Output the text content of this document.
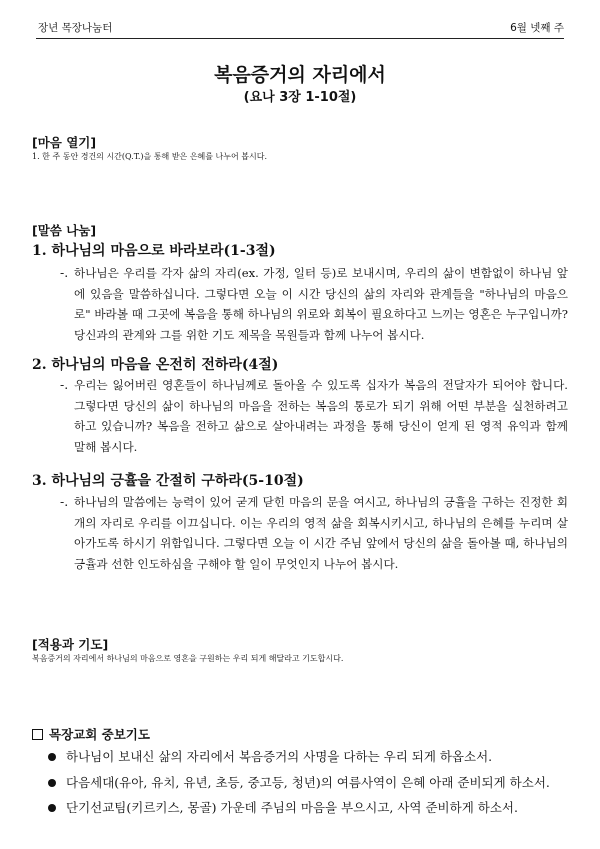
장년 목장나눔터	6월 넷째 주
복음증거의 자리에서
(요나 3장 1-10절)
[마음 열기]
1. 한 주 동안 경건의 시간(Q.T.)을 통해 받은 은혜를 나누어 봅시다.
[말씀 나눔]
1. 하나님의 마음으로 바라보라(1-3절)
-. 하나님은 우리를 각자 삶의 자리(ex. 가정, 일터 등)로 보내시며, 우리의 삶이 변함없이 하나님 앞에 있음을 말씀하십니다. 그렇다면 오늘 이 시간 당신의 삶의 자리와 관계들을 "하나님의 마음으로" 바라볼 때 그곳에 복음을 통해 하나님의 위로와 회복이 필요하다고 느끼는 영혼은 누구입니까? 당신과의 관계와 그를 위한 기도 제목을 목원들과 함께 나누어 봅시다.
2. 하나님의 마음을 온전히 전하라(4절)
-. 우리는 잃어버린 영혼들이 하나님께로 돌아올 수 있도록 십자가 복음의 전달자가 되어야 합니다. 그렇다면 당신의 삶이 하나님의 마음을 전하는 복음의 통로가 되기 위해 어떤 부분을 실천하려고 하고 있습니까? 복음을 전하고 삶으로 살아내려는 과정을 통해 당신이 얻게 된 영적 유익과 함께 말해 봅시다.
3. 하나님의 긍휼을 간절히 구하라(5-10절)
-. 하나님의 말씀에는 능력이 있어 굳게 닫힌 마음의 문을 여시고, 하나님의 긍휼을 구하는 진정한 회개의 자리로 우리를 이끄십니다. 이는 우리의 영적 삶을 회복시키시고, 하나님의 은혜를 누리며 살아가도록 하시기 위함입니다. 그렇다면 오늘 이 시간 주님 앞에서 당신의 삶을 돌아볼 때, 하나님의 긍휼과 선한 인도하심을 구해야 할 일이 무엇인지 나누어 봅시다.
[적용과 기도]
복음증거의 자리에서 하나님의 마음으로 영혼을 구원하는 우리 되게 해달라고 기도합시다.
목장교회 중보기도
하나님이 보내신 삶의 자리에서 복음증거의 사명을 다하는 우리 되게 하옵소서.
다음세대(유아, 유치, 유년, 초등, 중고등, 청년)의 여름사역이 은혜 아래 준비되게 하소서.
단기선교팀(키르키스, 몽골) 가운데 주님의 마음을 부으시고, 사역 준비하게 하소서.
